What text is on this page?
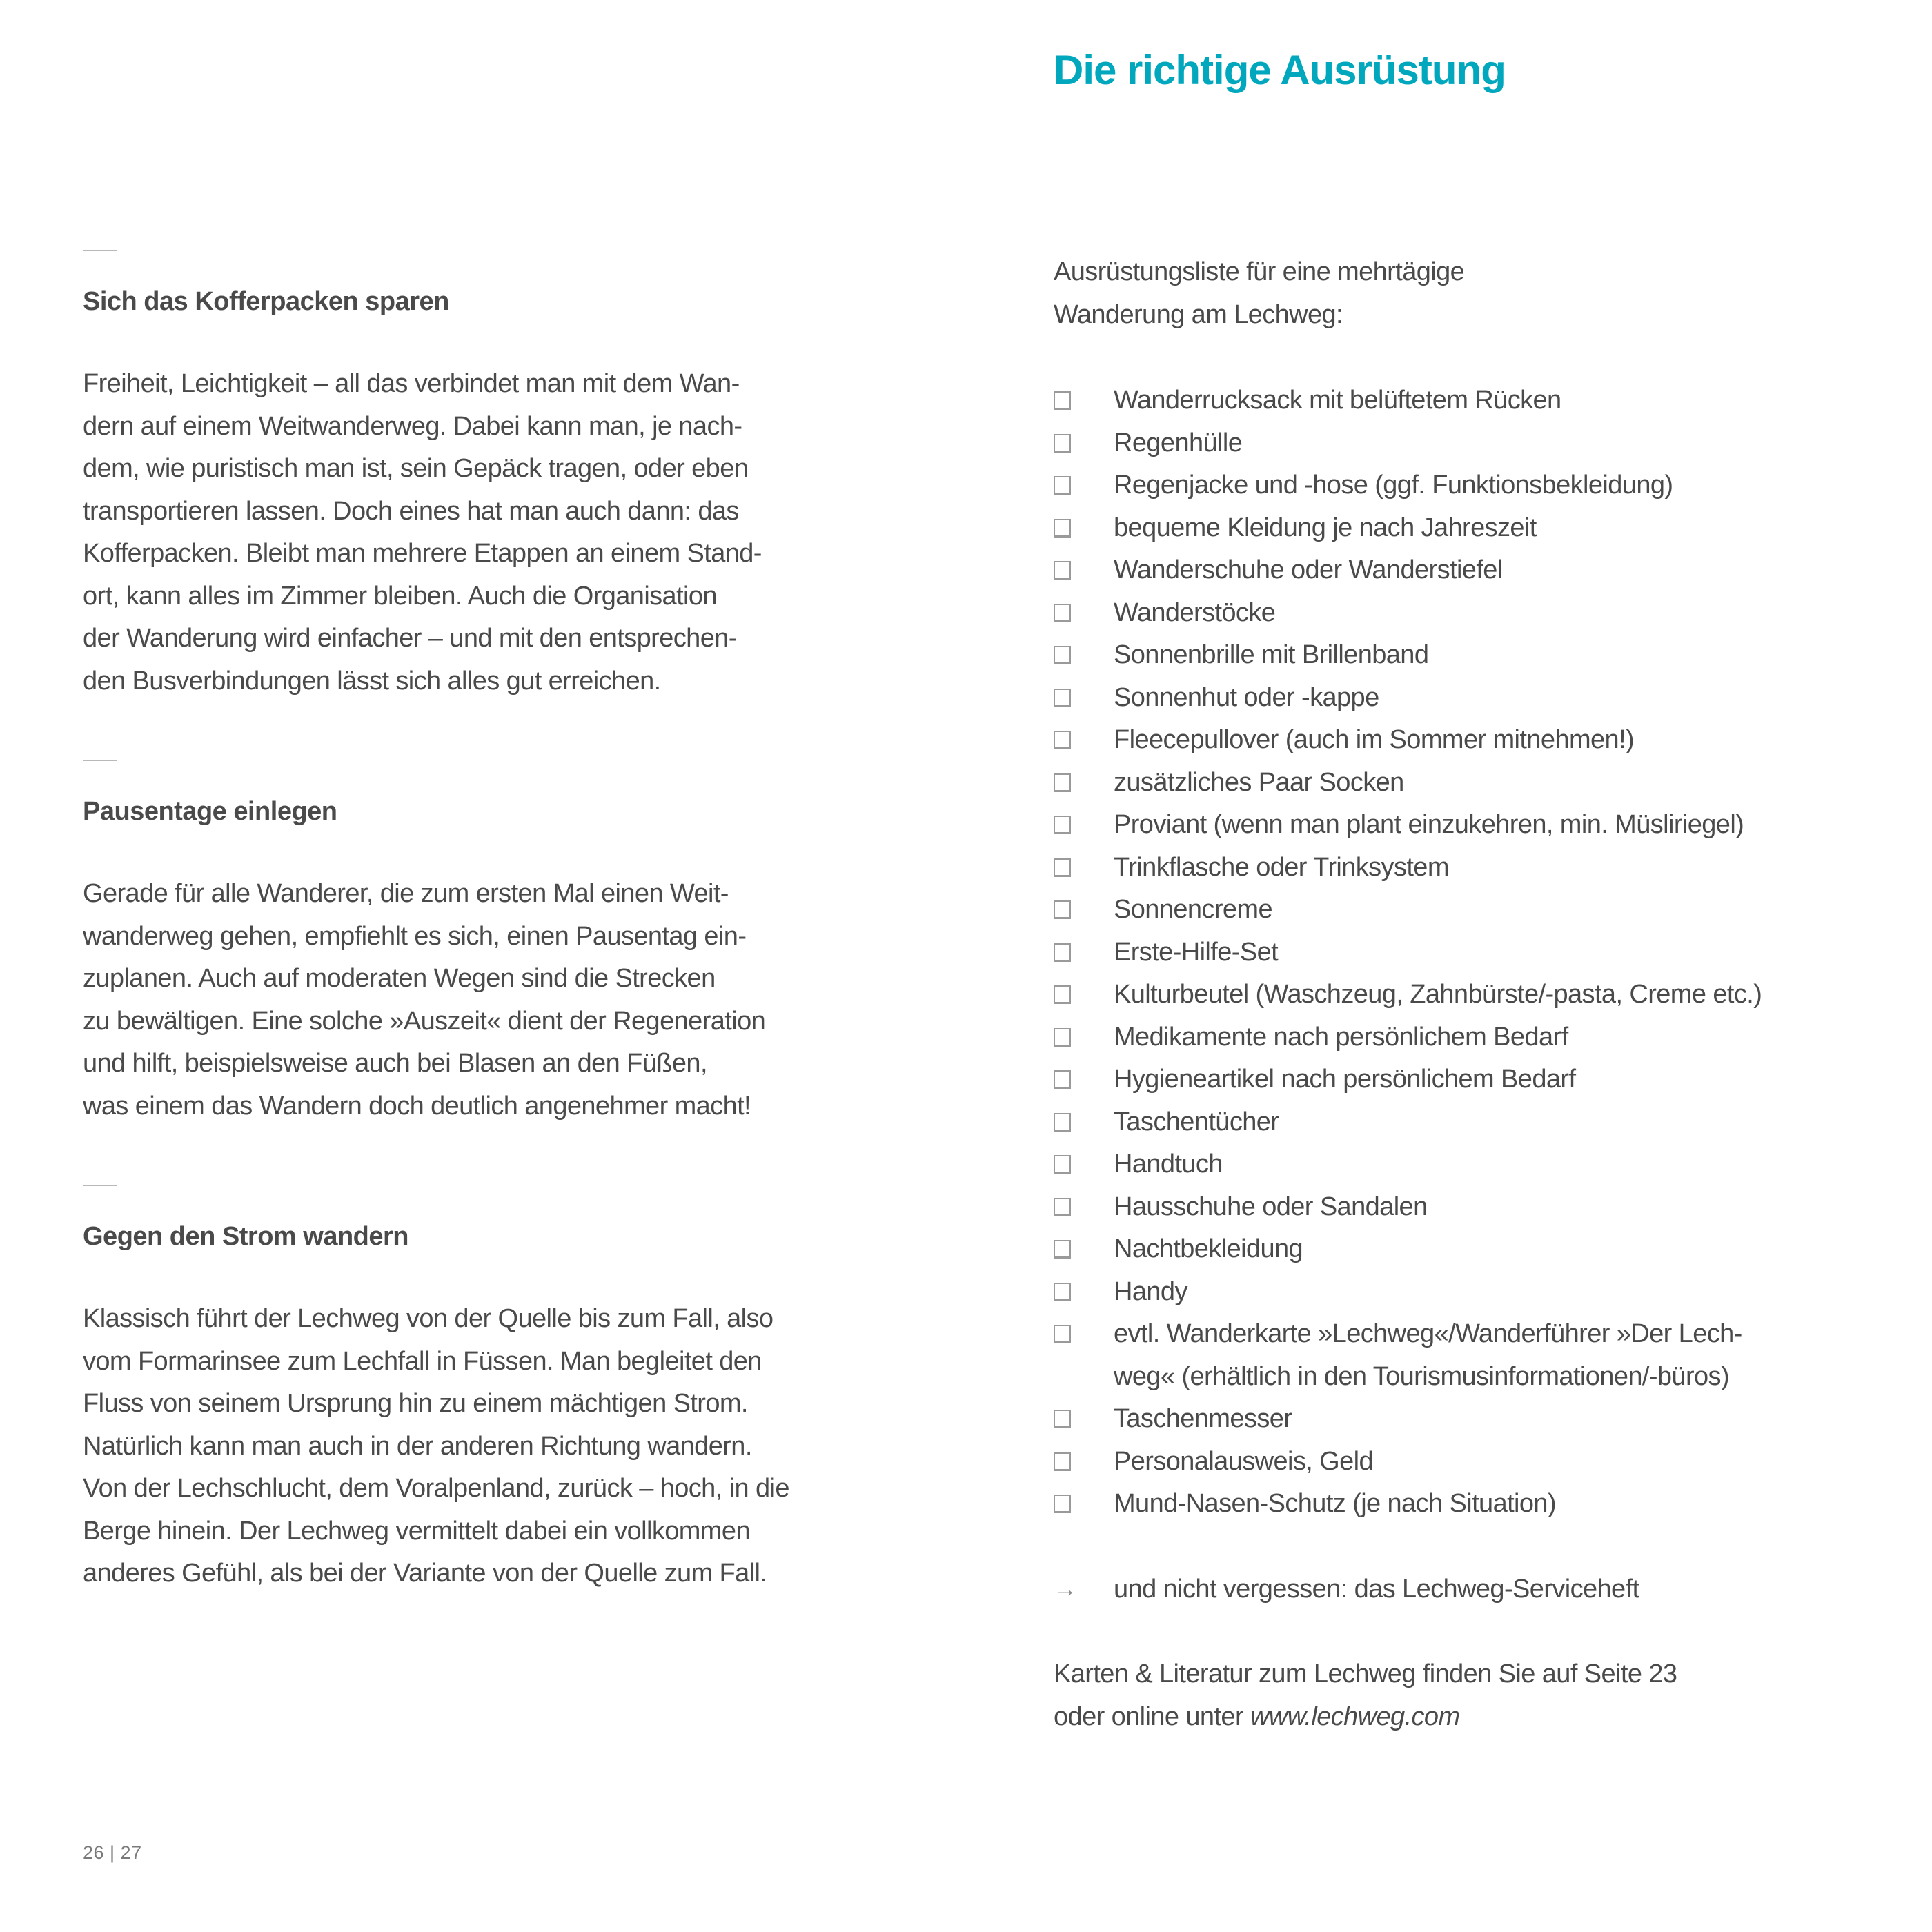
Die richtige Ausrüstung
Sich das Kofferpacken sparen

Freiheit, Leichtigkeit – all das verbindet man mit dem Wan-
dern auf einem Weitwanderweg. Dabei kann man, je nach-
dem, wie puristisch man ist, sein Gepäck tragen, oder eben
transportieren lassen. Doch eines hat man auch dann: das
Kofferpacken. Bleibt man mehrere Etappen an einem Stand-
ort, kann alles im Zimmer bleiben. Auch die Organisation
der Wanderung wird einfacher – und mit den entsprechen-
den Busverbindungen lässt sich alles gut erreichen.

Pausentage einlegen

Gerade für alle Wanderer, die zum ersten Mal einen Weit-
wanderweg gehen, empfiehlt es sich, einen Pausentag ein-
zuplanen. Auch auf moderaten Wegen sind die Strecken
zu bewältigen. Eine solche »Auszeit« dient der Regeneration
und hilft, beispielsweise auch bei Blasen an den Füßen,
was einem das Wandern doch deutlich angenehmer macht!

Gegen den Strom wandern

Klassisch führt der Lechweg von der Quelle bis zum Fall, also
vom Formarinsee zum Lechfall in Füssen. Man begleitet den
Fluss von seinem Ursprung hin zu einem mächtigen Strom.
Natürlich kann man auch in der anderen Richtung wandern.
Von der Lechschlucht, dem Voralpenland, zurück – hoch, in die
Berge hinein. Der Lechweg vermittelt dabei ein vollkommen
anderes Gefühl, als bei der Variante von der Quelle zum Fall.

Ausrüstungsliste für eine mehrtägige
Wanderung am Lechweg:

Wanderrucksack mit belüftetem Rücken
Regenhülle
Regenjacke und -hose (ggf. Funktionsbekleidung)
bequeme Kleidung je nach Jahreszeit
Wanderschuhe oder Wanderstiefel
Wanderstöcke
Sonnenbrille mit Brillenband
Sonnenhut oder -kappe
Fleecepullover (auch im Sommer mitnehmen!)
zusätzliches Paar Socken
Proviant (wenn man plant einzukehren, min. Müsliriegel)
Trinkflasche oder Trinksystem
Sonnencreme
Erste-Hilfe-Set
Kulturbeutel (Waschzeug, Zahnbürste/-pasta, Creme etc.)
Medikamente nach persönlichem Bedarf
Hygieneartikel nach persönlichem Bedarf
Taschentücher
Handtuch
Hausschuhe oder Sandalen
Nachtbekleidung
Handy
evtl. Wanderkarte »Lechweg«/Wanderführer »Der Lech-
weg« (erhältlich in den Tourismusinformationen/-büros)
Taschenmesser
Personalausweis, Geld
Mund-Nasen-Schutz (je nach Situation)
→ und nicht vergessen: das Lechweg-Serviceheft

Karten & Literatur zum Lechweg finden Sie auf Seite 23
oder online unter www.lechweg.com

26 | 27
